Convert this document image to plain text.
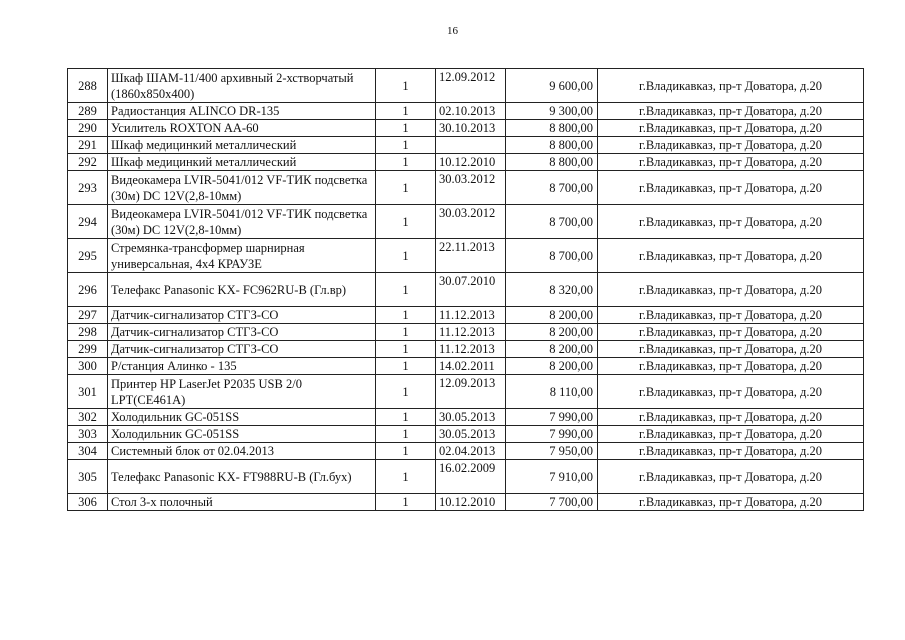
16
288	Шкаф ШАМ-11/400 архивный 2-хстворчатый (1860х850х400)	1	12.09.2012	9 600,00	г.Владикавказ, пр-т Доватора, д.20
289	Радиостанция ALINCO DR-135	1	02.10.2013	9 300,00	г.Владикавказ, пр-т Доватора, д.20
290	Усилитель ROXTON AA-60	1	30.10.2013	8 800,00	г.Владикавказ, пр-т Доватора, д.20
291	Шкаф медицинкий металлический	1		8 800,00	г.Владикавказ, пр-т Доватора, д.20
292	Шкаф медицинкий металлический	1	10.12.2010	8 800,00	г.Владикавказ, пр-т Доватора, д.20
293	Видеокамера LVIR-5041/012 VF-ТИК подсветка (30м) DC 12V(2,8-10мм)	1	30.03.2012	8 700,00	г.Владикавказ, пр-т Доватора, д.20
294	Видеокамера LVIR-5041/012 VF-ТИК подсветка (30м) DC 12V(2,8-10мм)	1	30.03.2012	8 700,00	г.Владикавказ, пр-т Доватора, д.20
295	Стремянка-трансформер шарнирная универсальная, 4х4 КРАУЗЕ	1	22.11.2013	8 700,00	г.Владикавказ, пр-т Доватора, д.20
296	Телефакс Panasonic KX- FC962RU-B (Гл.вр)	1	30.07.2010	8 320,00	г.Владикавказ, пр-т Доватора, д.20
297	Датчик-сигнализатор СТГЗ-СО	1	11.12.2013	8 200,00	г.Владикавказ, пр-т Доватора, д.20
298	Датчик-сигнализатор СТГЗ-СО	1	11.12.2013	8 200,00	г.Владикавказ, пр-т Доватора, д.20
299	Датчик-сигнализатор СТГЗ-СО	1	11.12.2013	8 200,00	г.Владикавказ, пр-т Доватора, д.20
300	Р/станция Алинко - 135	1	14.02.2011	8 200,00	г.Владикавказ, пр-т Доватора, д.20
301	Принтер HP LaserJet P2035 USB 2/0 LPT(CE461A)	1	12.09.2013	8 110,00	г.Владикавказ, пр-т Доватора, д.20
302	Холодильник GC-051SS	1	30.05.2013	7 990,00	г.Владикавказ, пр-т Доватора, д.20
303	Холодильник GC-051SS	1	30.05.2013	7 990,00	г.Владикавказ, пр-т Доватора, д.20
304	Системный блок от 02.04.2013	1	02.04.2013	7 950,00	г.Владикавказ, пр-т Доватора, д.20
305	Телефакс Panasonic KX- FT988RU-B (Гл.бух)	1	16.02.2009	7 910,00	г.Владикавказ, пр-т Доватора, д.20
306	Стол 3-х полочный	1	10.12.2010	7 700,00	г.Владикавказ, пр-т Доватора, д.20
